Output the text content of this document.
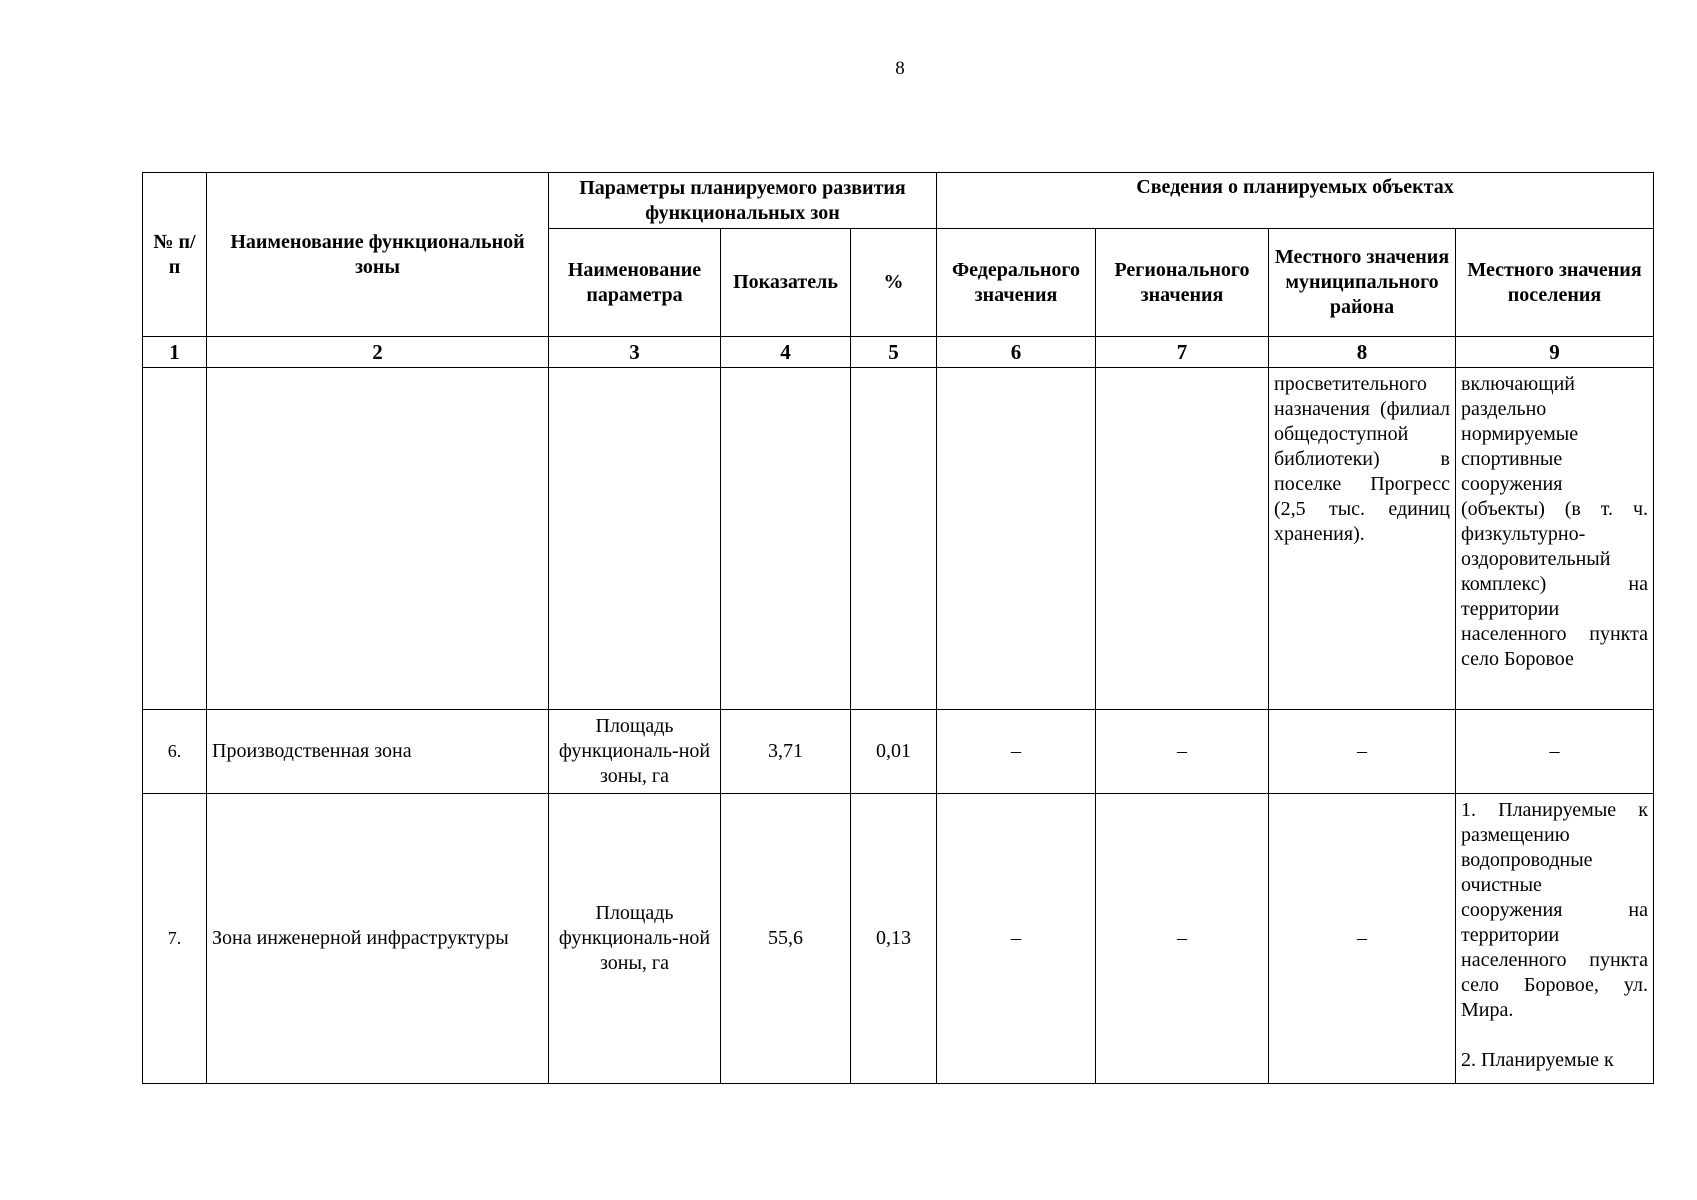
8
№ п/п	Наименование функциональной зоны	Параметры планируемого развития функциональных зон			Сведения о планируемых объектах			
		Наименование параметра	Показатель	%	Федерального значения	Регионального значения	Местного значения муниципального района	Местного значения поселения
1	2	3	4	5	6	7	8	9
							просветительного назначения (филиал общедоступной библиотеки) в поселке Прогресс (2,5 тыс. единиц хранения).	включающий раздельно нормируемые спортивные сооружения (объекты) (в т. ч. физкультурно-оздоровительный комплекс) на территории населенного пункта село Боровое
6.	Производственная зона	Площадь функциональ-ной зоны, га	3,71	0,01	–	–	–	–
7.	Зона инженерной инфраструктуры	Площадь функциональ-ной зоны, га	55,6	0,13	–	–	–	1. Планируемые к размещению водопроводные очистные сооружения на территории населенного пункта село Боровое, ул. Мира.

2. Планируемые к
